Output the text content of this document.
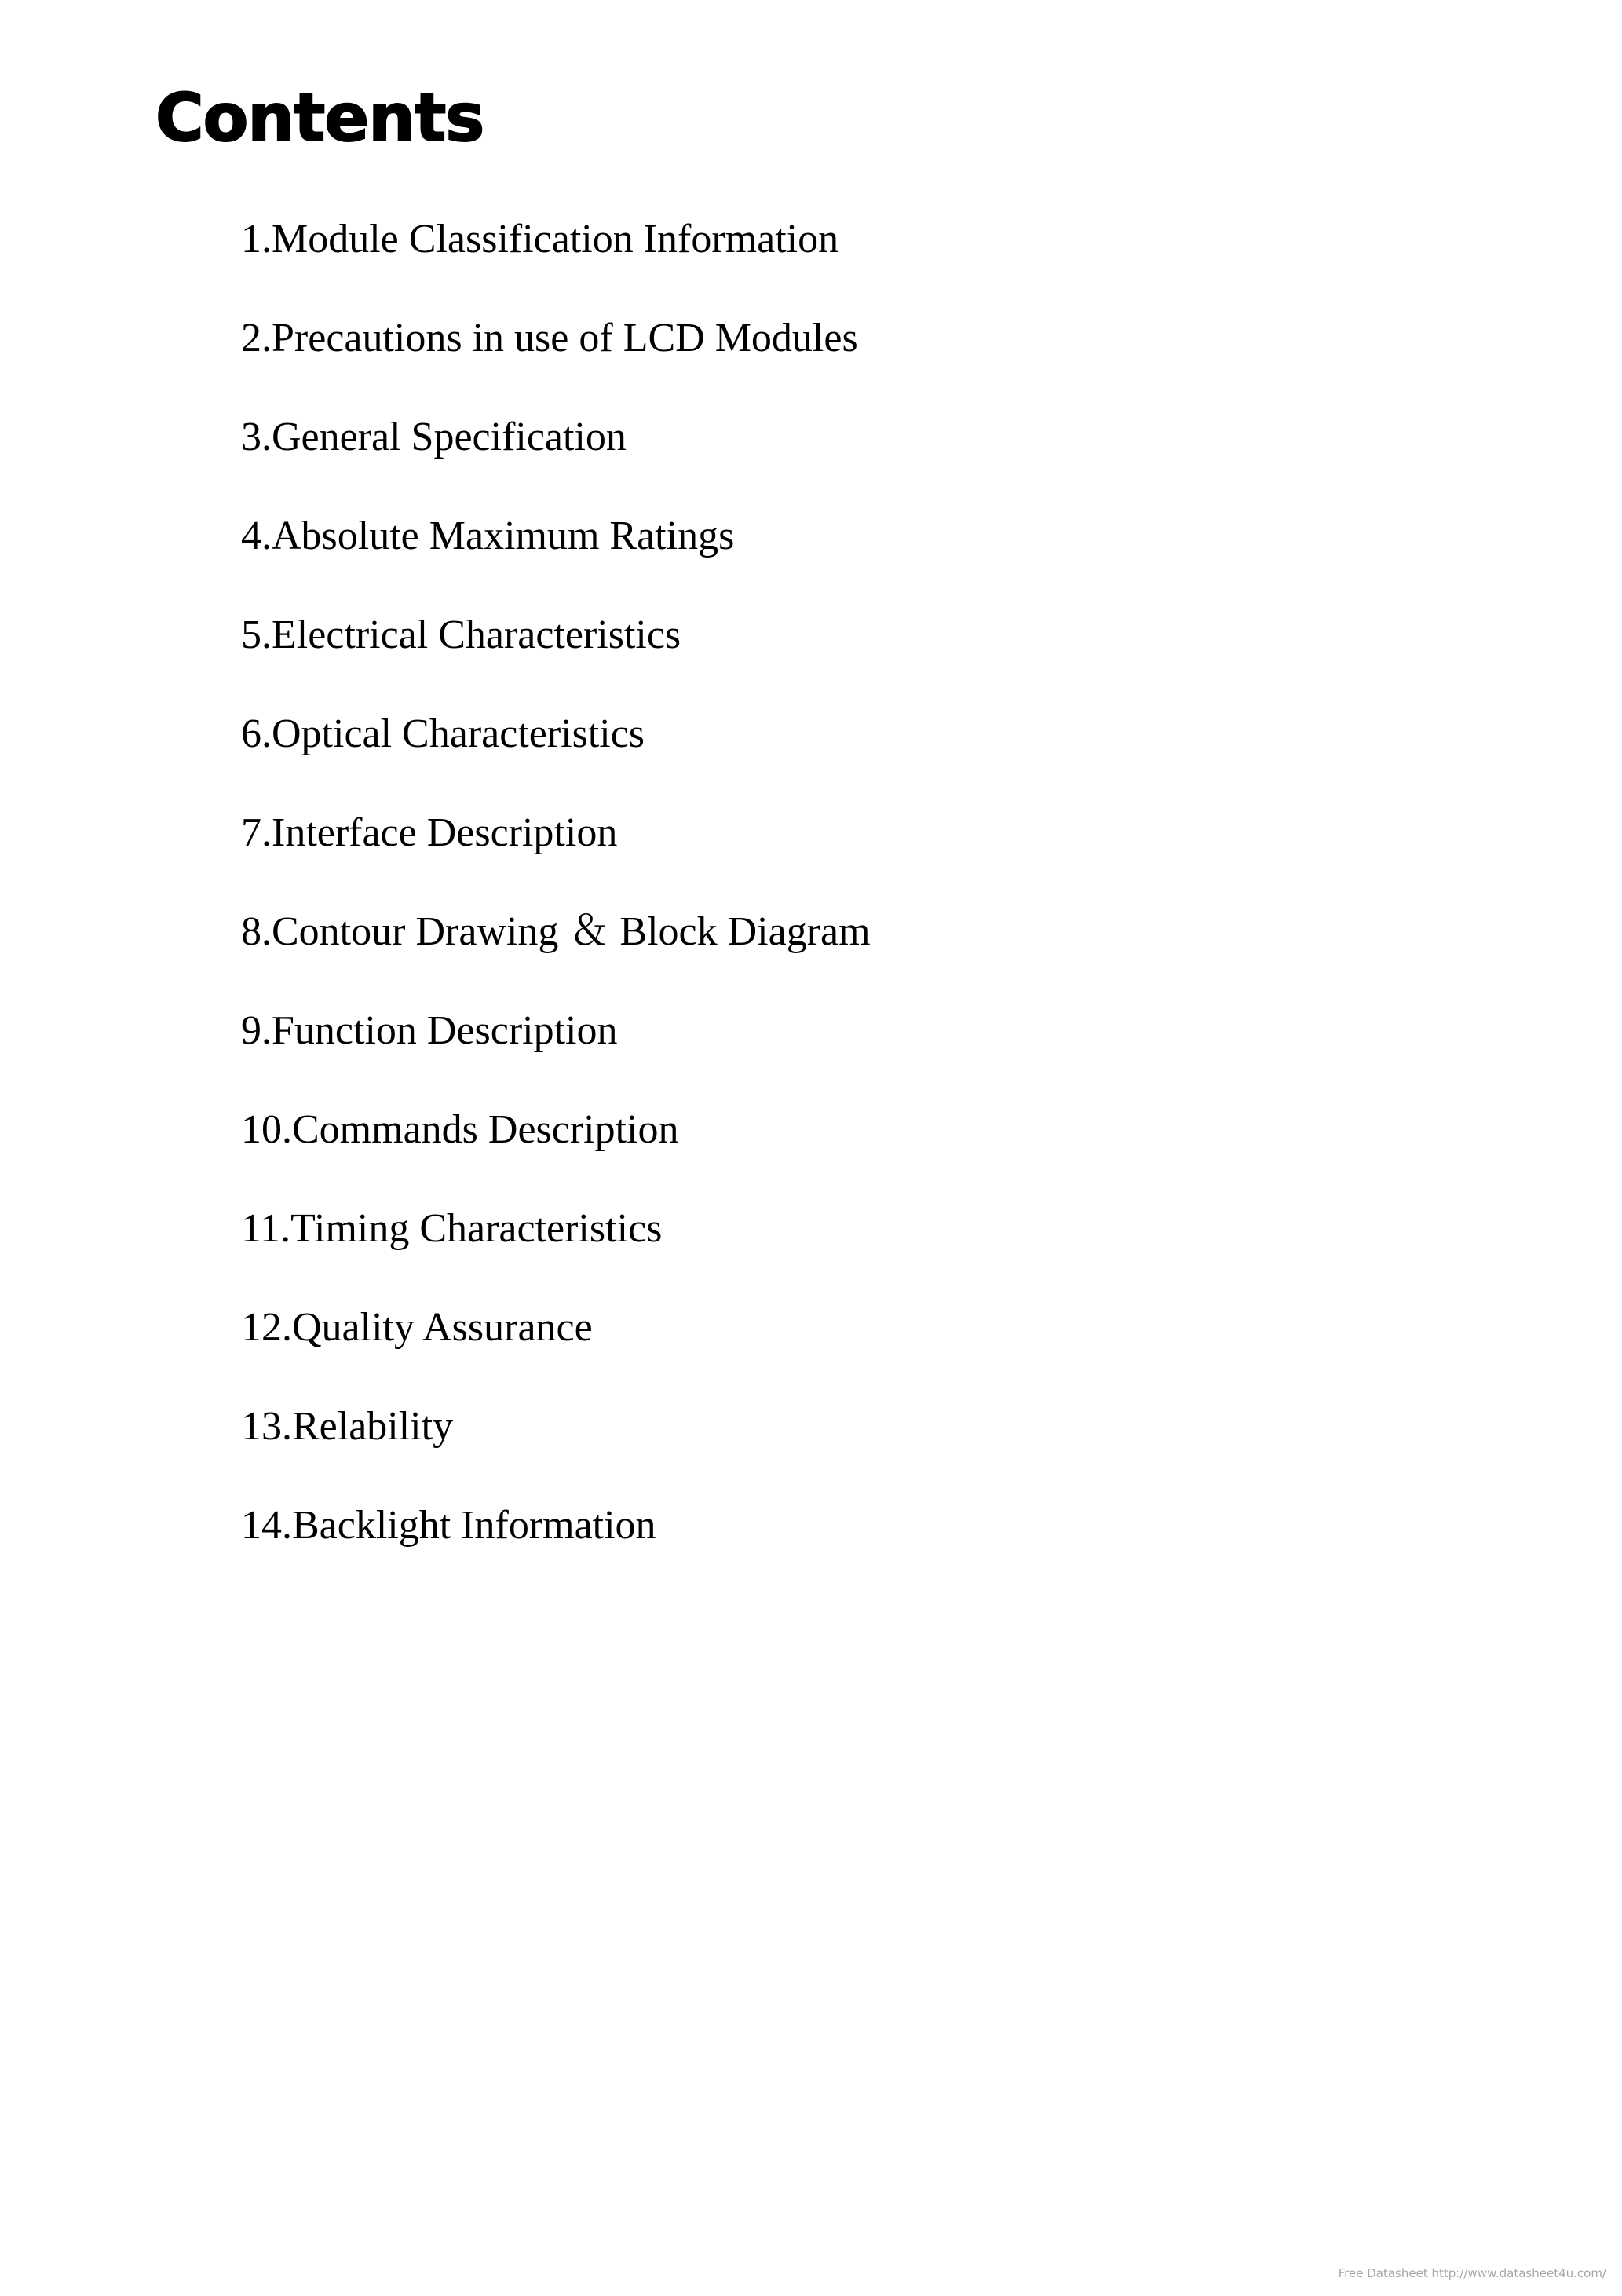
Contents
1.Module Classification Information
2.Precautions in use of LCD Modules
3.General Specification
4.Absolute Maximum Ratings
5.Electrical Characteristics
6.Optical Characteristics
7.Interface Description
8.Contour Drawing ＆ Block Diagram
9.Function Description
10.Commands Description
11.Timing Characteristics
12.Quality Assurance
13.Relability
14.Backlight Information
Free Datasheet http://www.datasheet4u.com/
